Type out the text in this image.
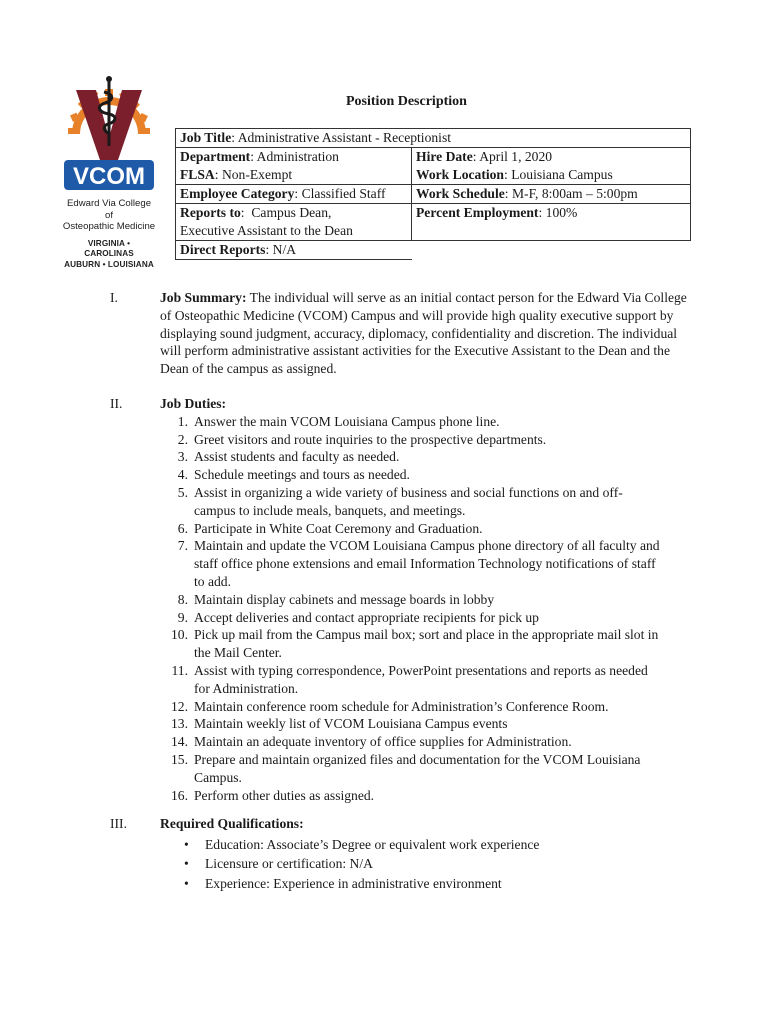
VCOM
Edward Via College of
Osteopathic Medicine
VIRGINIA • CAROLINAS
AUBURN • LOUISIANA
Position Description
Job Title: Administrative Assistant - Receptionist	
Department: Administration	Hire Date: April 1, 2020
FLSA: Non-Exempt	Work Location: Louisiana Campus
Employee Category: Classified Staff	Work Schedule: M-F, 8:00am – 5:00pm
Reports to:  Campus Dean,
Executive Assistant to the Dean	Percent Employment: 100%
Direct Reports: N/A	
I.	Job Summary: The individual will serve as an initial contact person for the Edward Via College of Osteopathic Medicine (VCOM) Campus and will provide high quality executive support by displaying sound judgment, accuracy, diplomacy, confidentiality and discretion. The individual will perform administrative assistant activities for the Executive Assistant to the Dean and the Dean of the campus as assigned.
II.	Job Duties:
1. Answer the main VCOM Louisiana Campus phone line.
2. Greet visitors and route inquiries to the prospective departments.
3. Assist students and faculty as needed.
4. Schedule meetings and tours as needed.
5. Assist in organizing a wide variety of business and social functions on and off-campus to include meals, banquets, and meetings.
6. Participate in White Coat Ceremony and Graduation.
7. Maintain and update the VCOM Louisiana Campus phone directory of all faculty and staff office phone extensions and email Information Technology notifications of staff to add.
8. Maintain display cabinets and message boards in lobby
9. Accept deliveries and contact appropriate recipients for pick up
10. Pick up mail from the Campus mail box; sort and place in the appropriate mail slot in the Mail Center.
11. Assist with typing correspondence, PowerPoint presentations and reports as needed for Administration.
12. Maintain conference room schedule for Administration’s Conference Room.
13. Maintain weekly list of VCOM Louisiana Campus events
14. Maintain an adequate inventory of office supplies for Administration.
15. Prepare and maintain organized files and documentation for the VCOM Louisiana Campus.
16. Perform other duties as assigned.
III.	Required Qualifications:
• Education: Associate’s Degree or equivalent work experience
• Licensure or certification: N/A
• Experience: Experience in administrative environment
